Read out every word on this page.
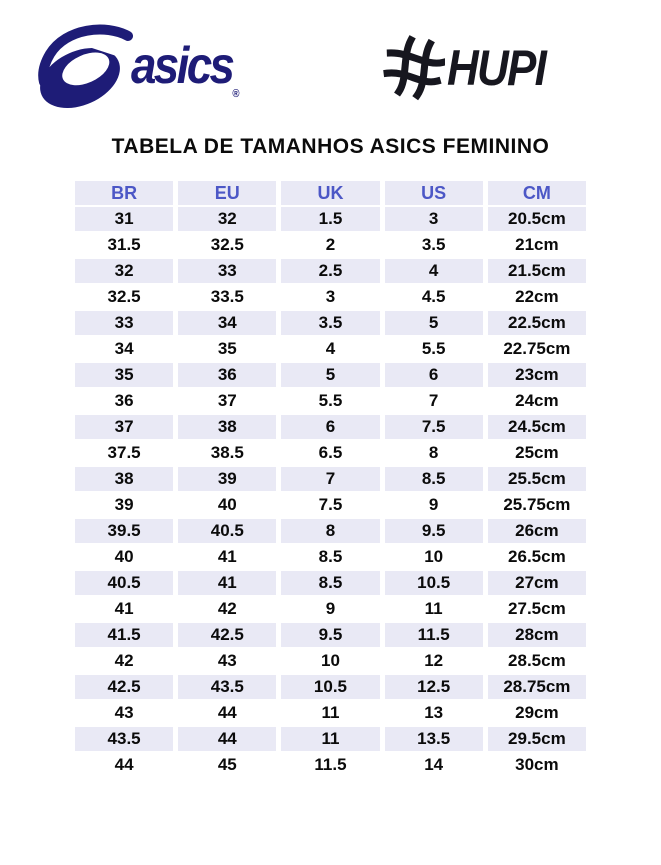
asics$_®$	HUPI
TABELA DE TAMANHOS ASICS FEMININO
BR	EU	UK	US	CM
31	32	1.5	3	20.5cm
31.5	32.5	2	3.5	21cm
32	33	2.5	4	21.5cm
32.5	33.5	3	4.5	22cm
33	34	3.5	5	22.5cm
34	35	4	5.5	22.75cm
35	36	5	6	23cm
36	37	5.5	7	24cm
37	38	6	7.5	24.5cm
37.5	38.5	6.5	8	25cm
38	39	7	8.5	25.5cm
39	40	7.5	9	25.75cm
39.5	40.5	8	9.5	26cm
40	41	8.5	10	26.5cm
40.5	41	8.5	10.5	27cm
41	42	9	11	27.5cm
41.5	42.5	9.5	11.5	28cm
42	43	10	12	28.5cm
42.5	43.5	10.5	12.5	28.75cm
43	44	11	13	29cm
43.5	44	11	13.5	29.5cm
44	45	11.5	14	30cm
